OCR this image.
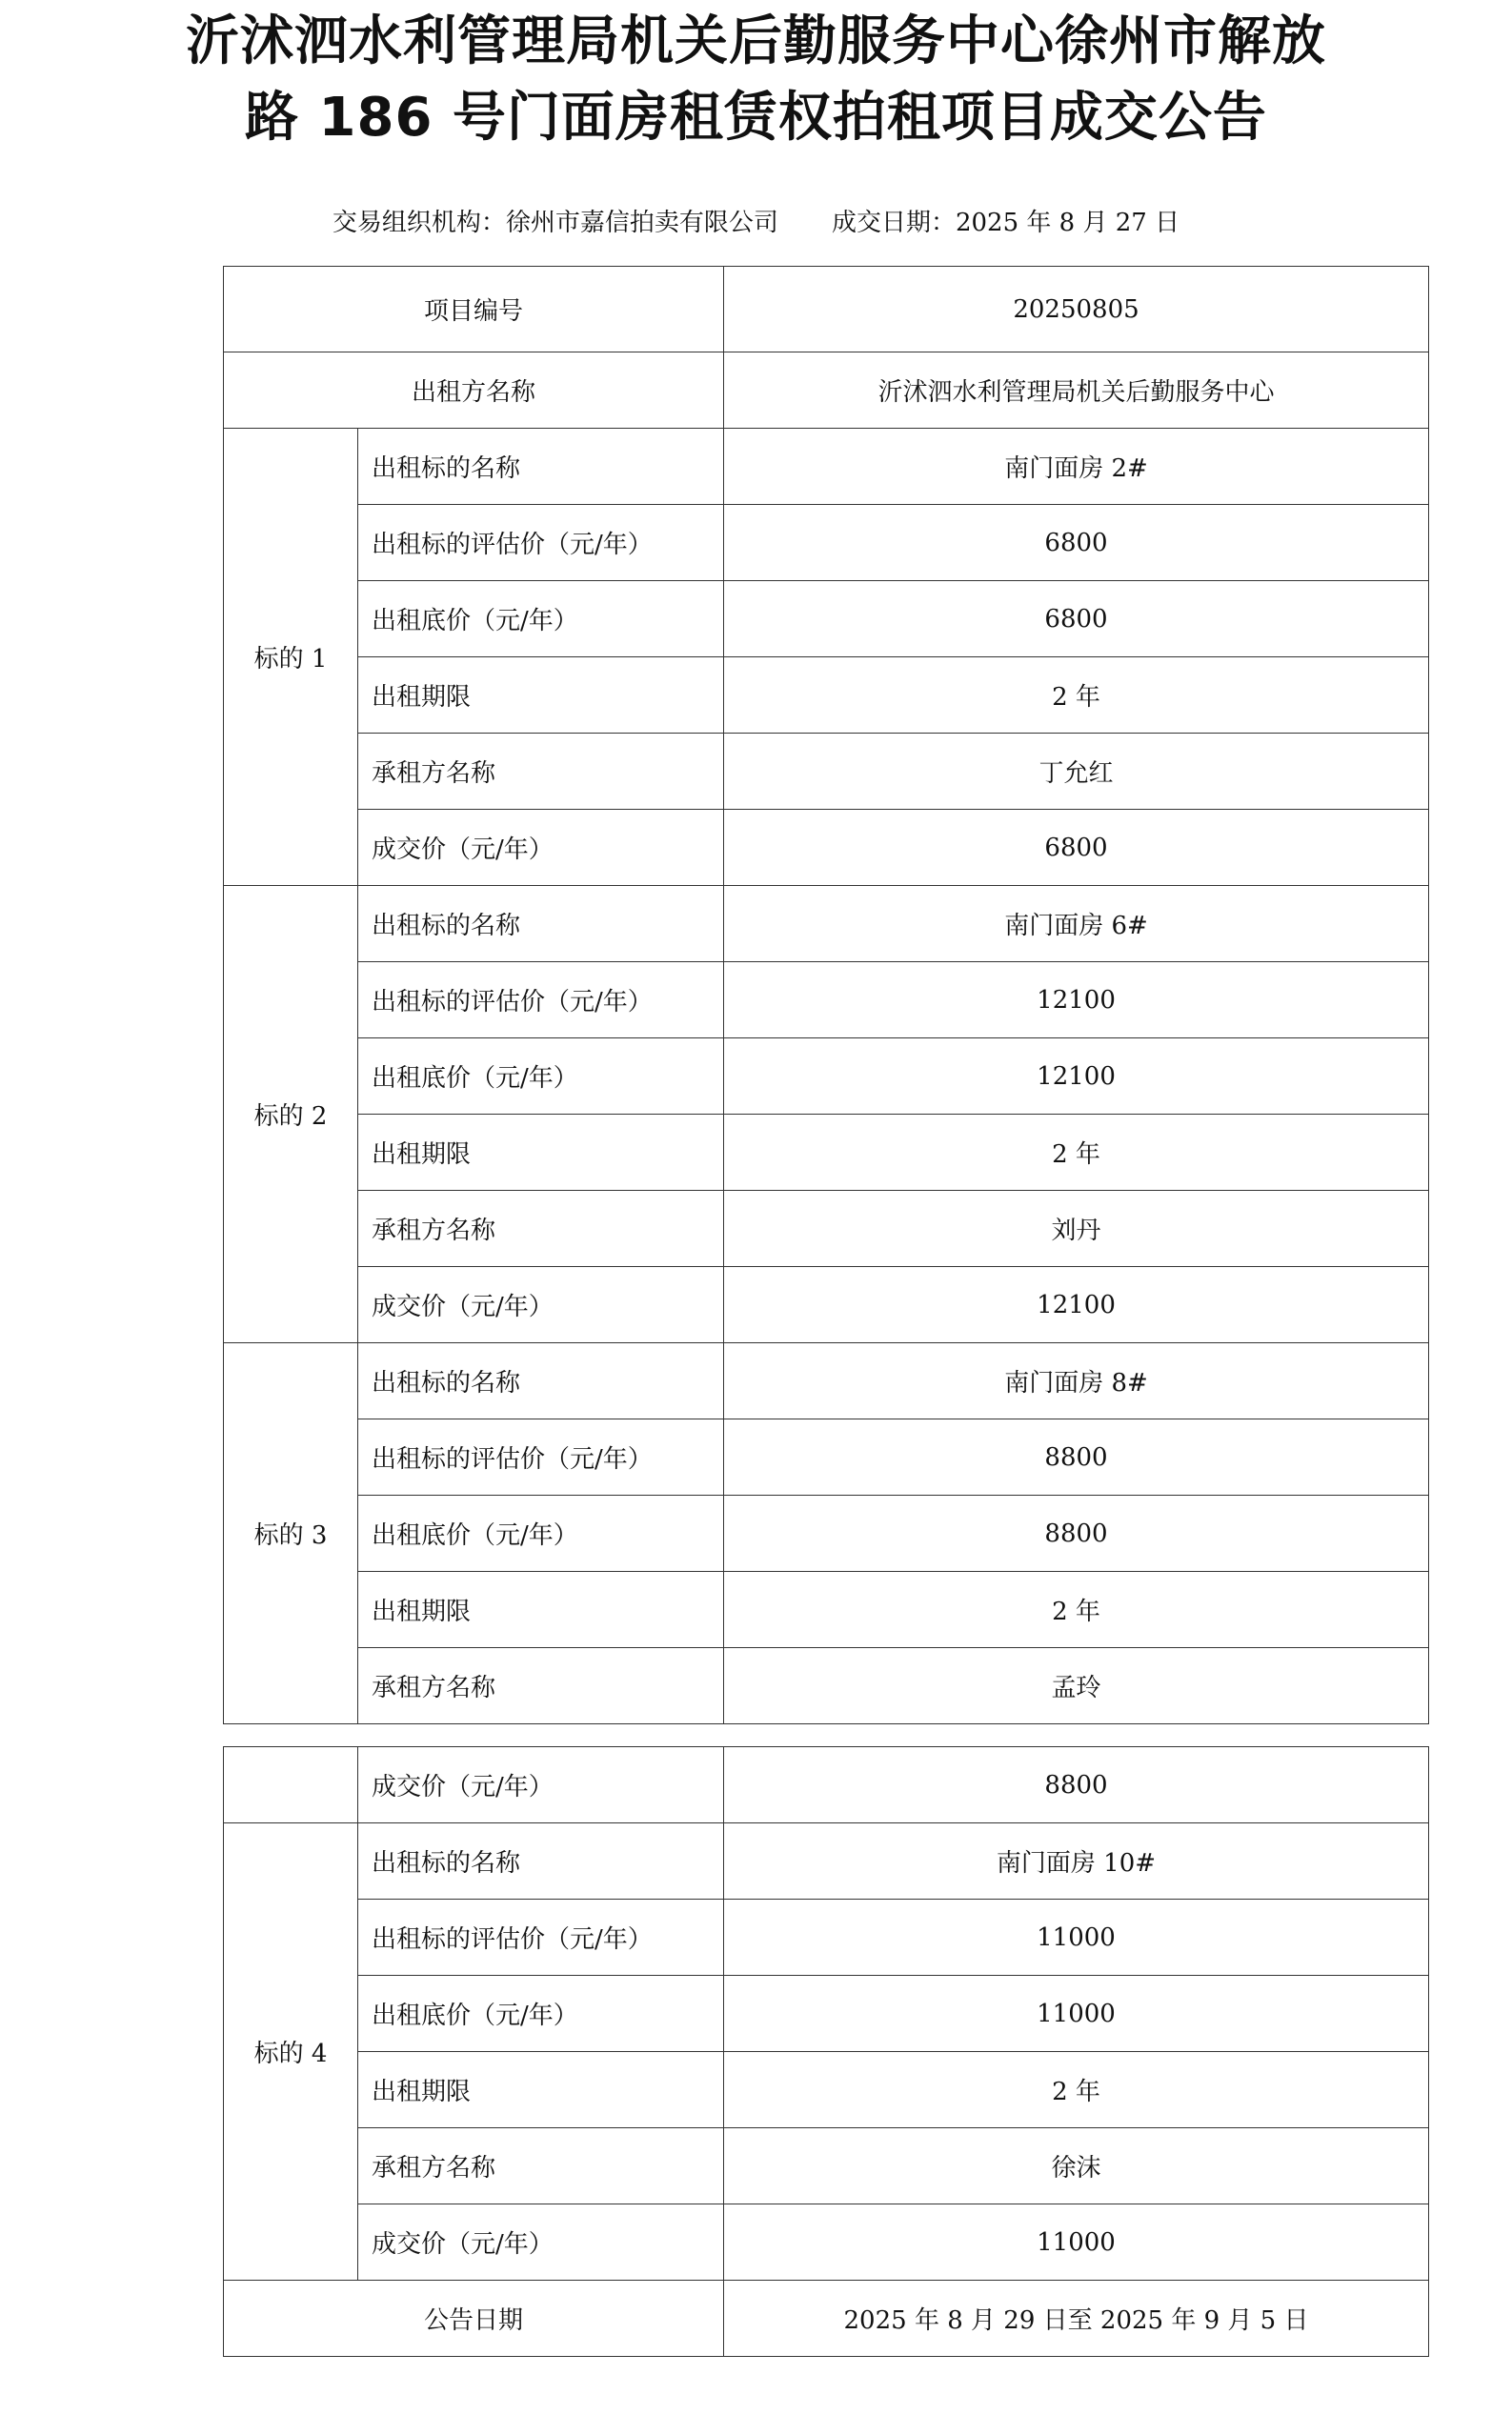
沂沭泗水利管理局机关后勤服务中心徐州市解放
路 186 号门面房租赁权拍租项目成交公告
交易组织机构：徐州市嘉信拍卖有限公司 成交日期：2025 年 8 月 27 日
项目编号		20250805
出租方名称		沂沭泗水利管理局机关后勤服务中心
标的 1	出租标的名称	南门面房 2#
	出租标的评估价（元/年）	6800
	出租底价（元/年）	6800
	出租期限	2 年
	承租方名称	丁允红
	成交价（元/年）	6800
标的 2	出租标的名称	南门面房 6#
	出租标的评估价（元/年）	12100
	出租底价（元/年）	12100
	出租期限	2 年
	承租方名称	刘丹
	成交价（元/年）	12100
标的 3	出租标的名称	南门面房 8#
	出租标的评估价（元/年）	8800
	出租底价（元/年）	8800
	出租期限	2 年
	承租方名称	孟玲
	成交价（元/年）	8800
标的 4	出租标的名称	南门面房 10#
	出租标的评估价（元/年）	11000
	出租底价（元/年）	11000
	出租期限	2 年
	承租方名称	徐沫
	成交价（元/年）	11000
公告日期		2025 年 8 月 29 日至 2025 年 9 月 5 日
